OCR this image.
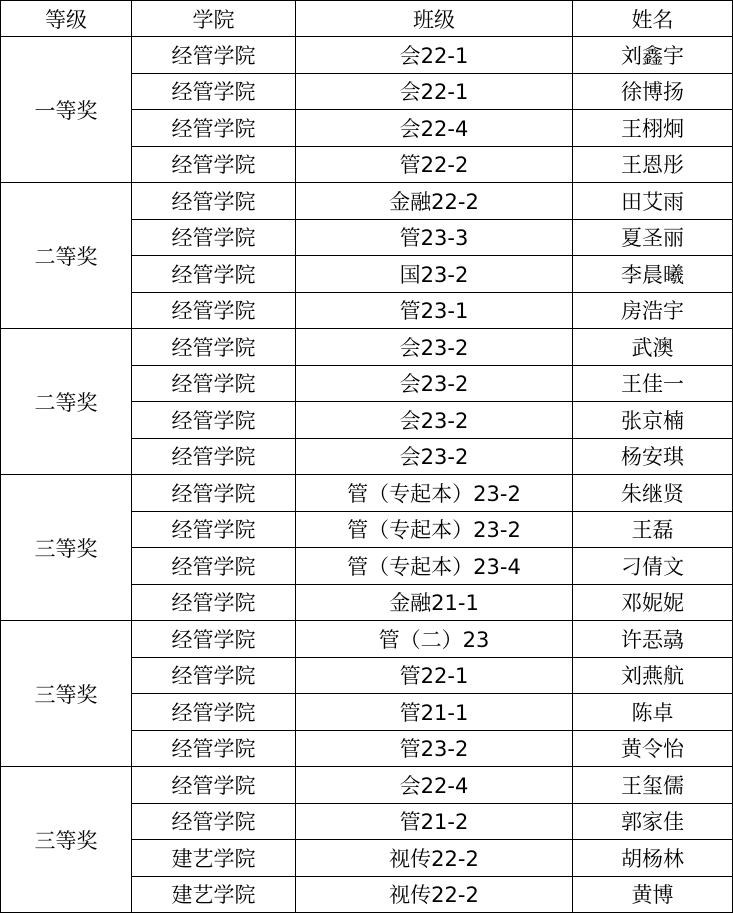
等级	学院	班级	姓名
一等奖	经管学院	会22-1	刘鑫宇
	经管学院	会22-1	徐博扬
	经管学院	会22-4	王栩炯
	经管学院	管22-2	王恩彤
二等奖	经管学院	金融22-2	田艾雨
	经管学院	管23-3	夏圣丽
	经管学院	国23-2	李晨曦
	经管学院	管23-1	房浩宇
二等奖	经管学院	会23-2	武澳
	经管学院	会23-2	王佳一
	经管学院	会23-2	张京楠
	经管学院	会23-2	杨安琪
三等奖	经管学院	管（专起本）23-2	朱继贤
	经管学院	管（专起本）23-2	王磊
	经管学院	管（专起本）23-4	刁倩文
	经管学院	金融21-1	邓妮妮
三等奖	经管学院	管（二）23	许忢骉
	经管学院	管22-1	刘燕航
	经管学院	管21-1	陈卓
	经管学院	管23-2	黄令怡
三等奖	经管学院	会22-4	王玺儒
	经管学院	管21-2	郭家佳
	建艺学院	视传22-2	胡杨林
	建艺学院	视传22-2	黄博
